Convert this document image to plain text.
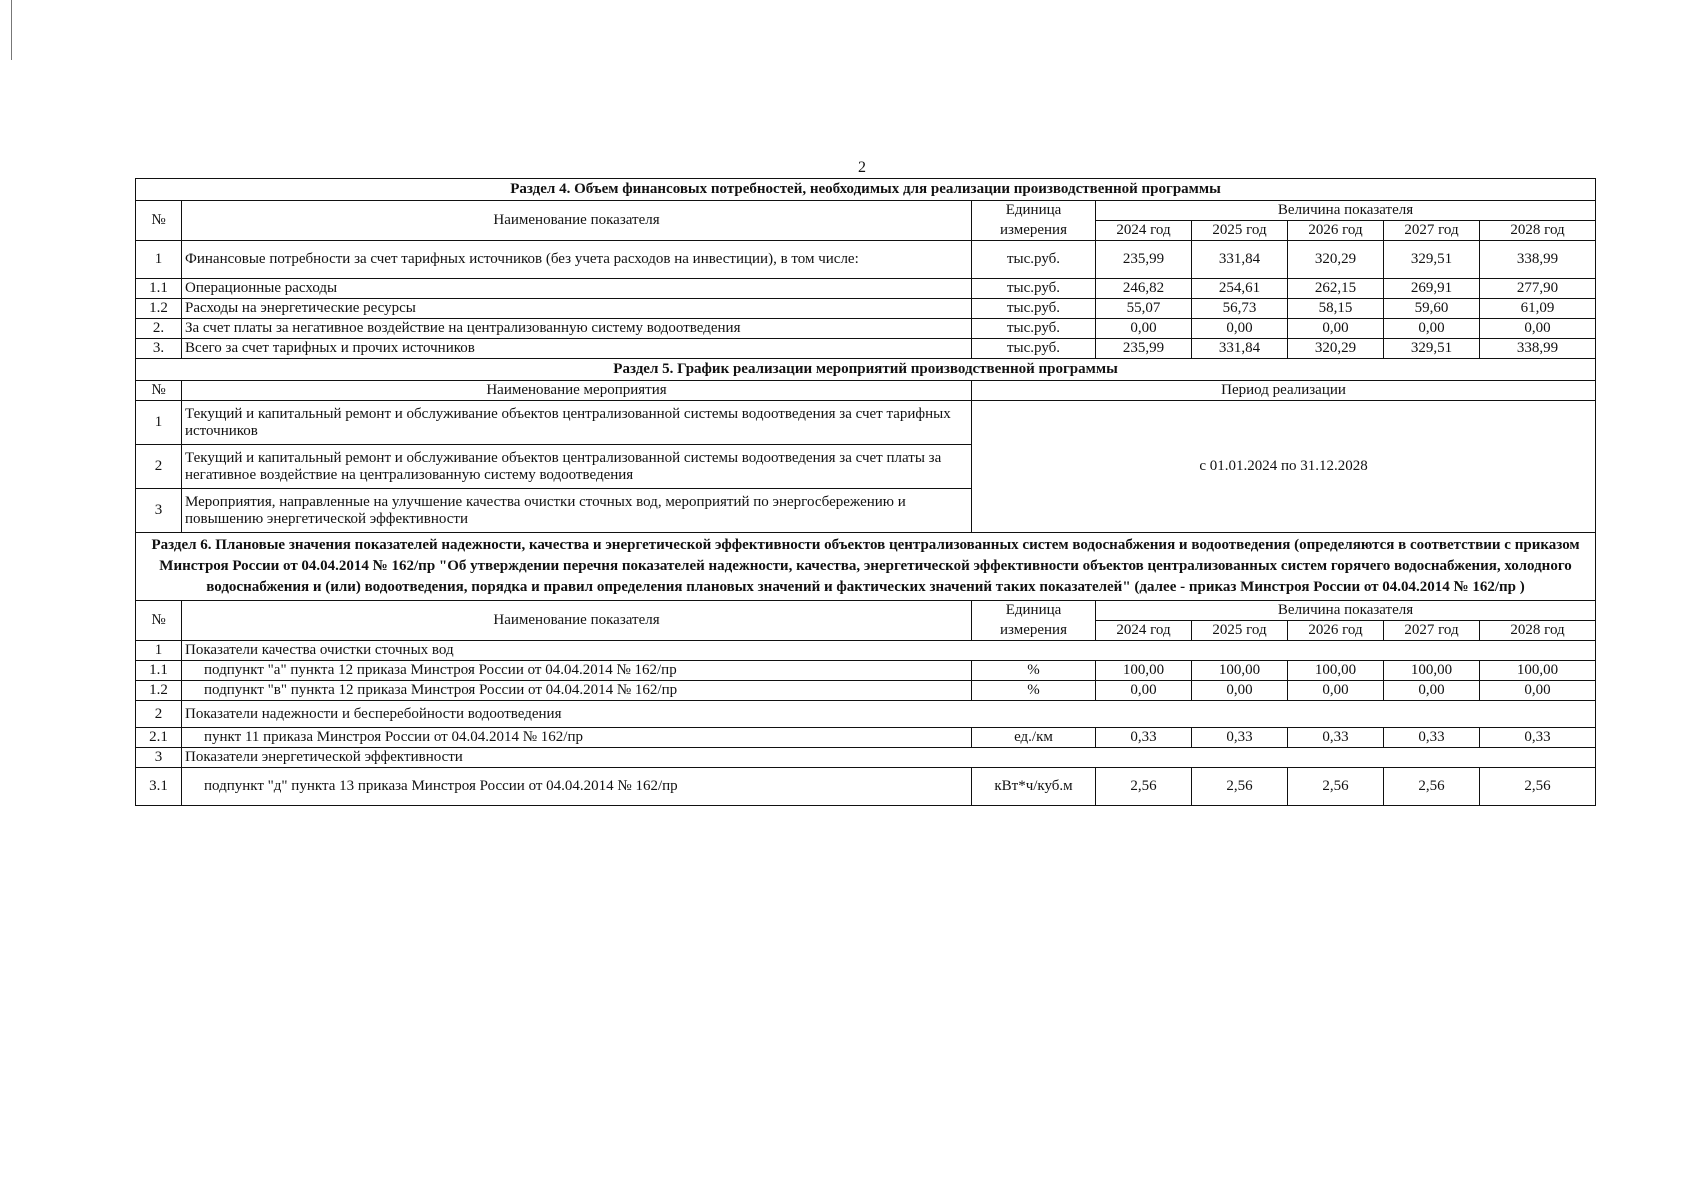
2
Раздел 4. Объем финансовых потребностей, необходимых для реализации производственной программы							
№	Наименование показателя	Единица	Величина показателя				
		измерения	2024 год	2025 год	2026 год	2027 год	2028 год
1	Финансовые потребности за счет тарифных источников (без учета расходов на инвестиции), в том числе:	тыс.руб.	235,99	331,84	320,29	329,51	338,99
1.1	Операционные расходы	тыс.руб.	246,82	254,61	262,15	269,91	277,90
1.2	Расходы на энергетические ресурсы	тыс.руб.	55,07	56,73	58,15	59,60	61,09
2.	За счет платы за негативное воздействие на централизованную систему водоотведения	тыс.руб.	0,00	0,00	0,00	0,00	0,00
3.	Всего за счет тарифных и прочих источников	тыс.руб.	235,99	331,84	320,29	329,51	338,99
Раздел 5. График реализации мероприятий производственной программы							
№	Наименование мероприятия	Период реализации					
1	Текущий и капитальный ремонт и обслуживание объектов централизованной системы водоотведения за счет тарифных источников	с 01.01.2024 по 31.12.2028					
2	Текущий и капитальный ремонт и обслуживание объектов централизованной системы водоотведения за счет платы за негативное воздействие на централизованную систему водоотведения						
3	Мероприятия, направленные на улучшение качества очистки сточных вод, мероприятий по энергосбережению и повышению энергетической эффективности						
Раздел 6. Плановые значения показателей надежности, качества и энергетической эффективности объектов централизованных систем водоснабжения и водоотведения (определяются в соответствии с приказом Минстроя России от 04.04.2014 № 162/пр "Об утверждении перечня показателей надежности, качества, энергетической эффективности объектов централизованных систем горячего водоснабжения, холодного водоснабжения и (или) водоотведения, порядка и правил определения плановых значений и фактических значений таких показателей" (далее - приказ Минстроя России от 04.04.2014 № 162/пр )							
№	Наименование показателя	Единица	Величина показателя				
		измерения	2024 год	2025 год	2026 год	2027 год	2028 год
1	Показатели качества очистки сточных вод						
1.1	подпункт "а" пункта 12 приказа Минстроя России от 04.04.2014 № 162/пр	%	100,00	100,00	100,00	100,00	100,00
1.2	подпункт "в" пункта 12 приказа Минстроя России от 04.04.2014 № 162/пр	%	0,00	0,00	0,00	0,00	0,00
2	Показатели надежности и бесперебойности водоотведения						
2.1	пункт 11 приказа Минстроя России от 04.04.2014 № 162/пр	ед./км	0,33	0,33	0,33	0,33	0,33
3	Показатели энергетической эффективности						
3.1	подпункт "д" пункта 13 приказа Минстроя России от 04.04.2014 № 162/пр	кВт*ч/куб.м	2,56	2,56	2,56	2,56	2,56
